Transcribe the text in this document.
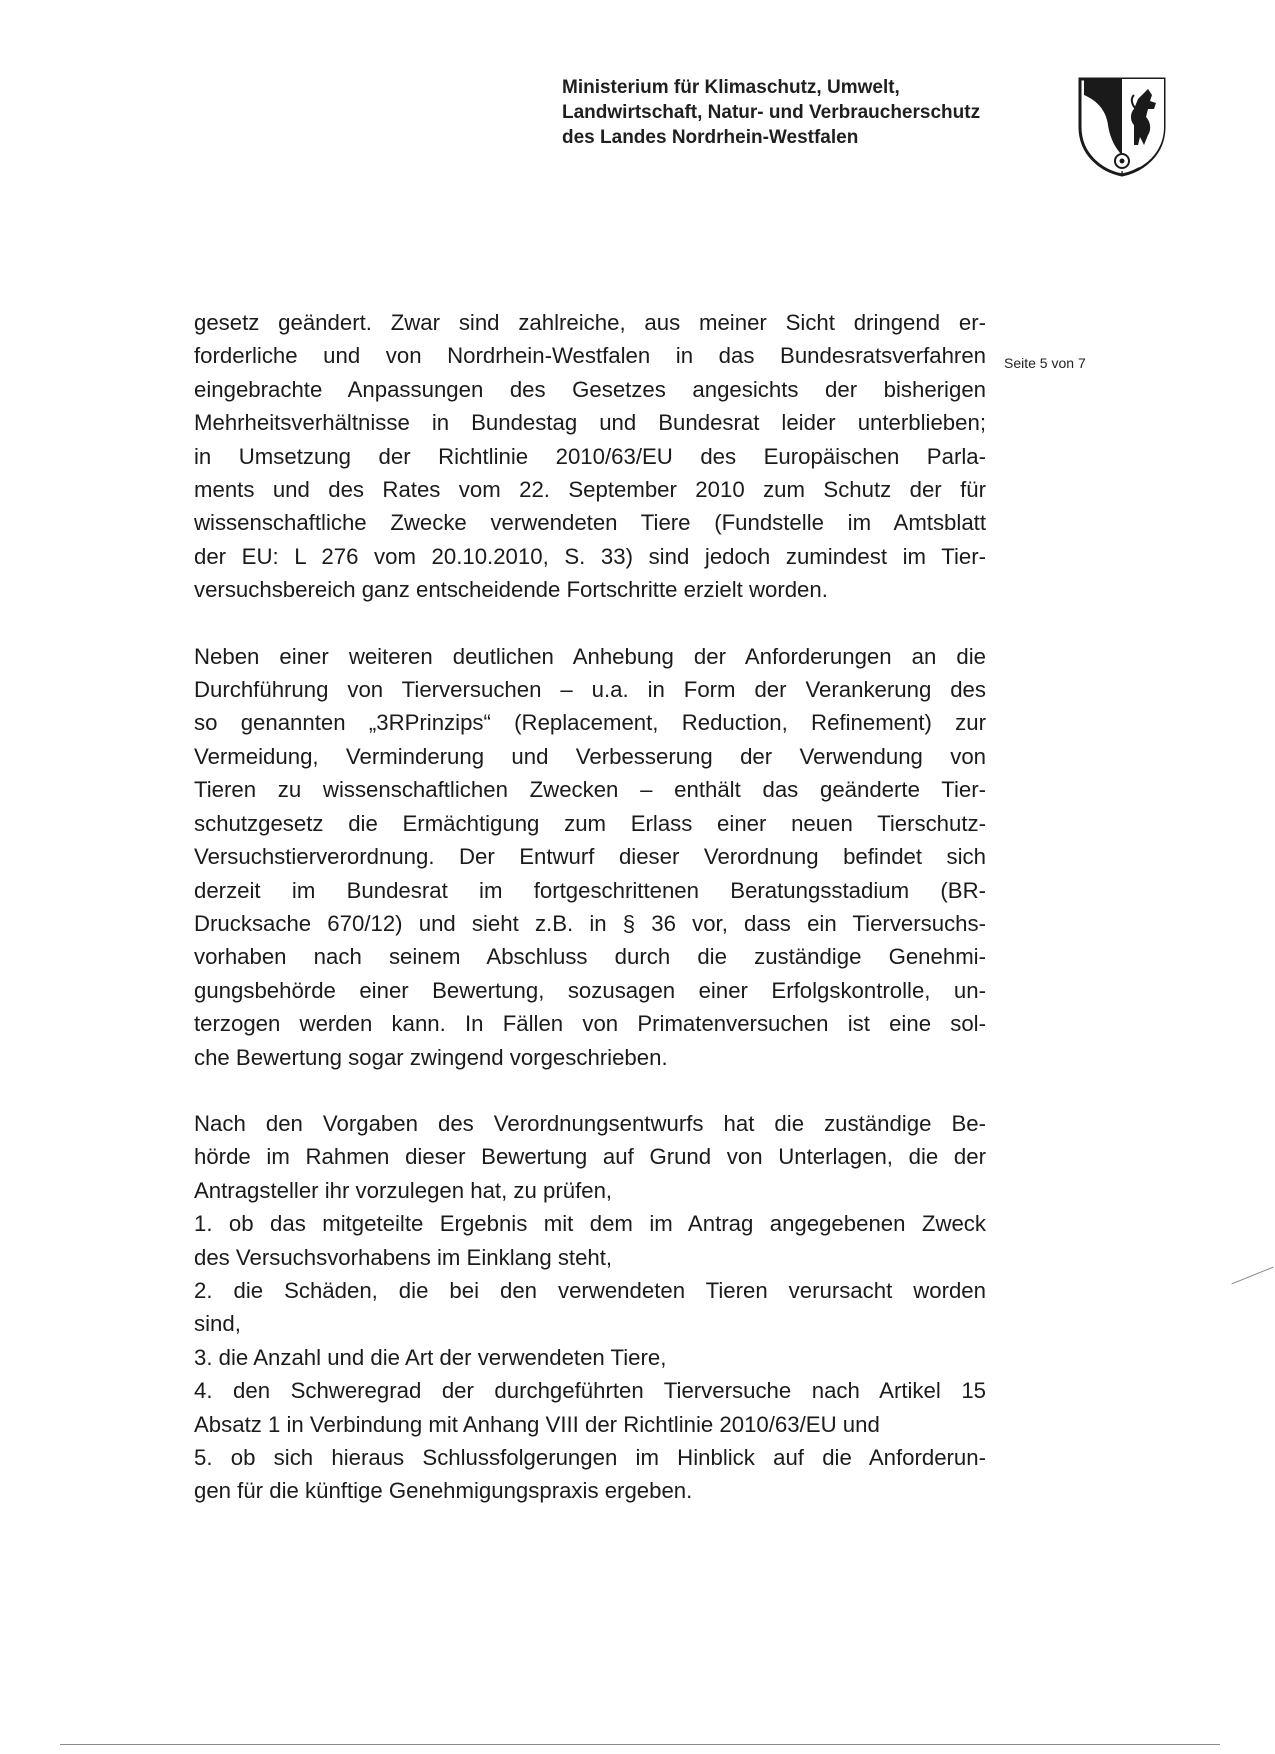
Ministerium für Klimaschutz, Umwelt,
Landwirtschaft, Natur- und Verbraucherschutz
des Landes Nordrhein-Westfalen
Seite 5 von 7

gesetz geändert. Zwar sind zahlreiche, aus meiner Sicht dringend er-
forderliche und von Nordrhein-Westfalen in das Bundesratsverfahren
eingebrachte Anpassungen des Gesetzes angesichts der bisherigen
Mehrheitsverhältnisse in Bundestag und Bundesrat leider unterblieben;
in Umsetzung der Richtlinie 2010/63/EU des Europäischen Parla-
ments und des Rates vom 22. September 2010 zum Schutz der für
wissenschaftliche Zwecke verwendeten Tiere (Fundstelle im Amtsblatt
der EU: L 276 vom 20.10.2010, S. 33) sind jedoch zumindest im Tier-
versuchsbereich ganz entscheidende Fortschritte erzielt worden.

Neben einer weiteren deutlichen Anhebung der Anforderungen an die
Durchführung von Tierversuchen – u.a. in Form der Verankerung des
so genannten „3RPrinzips“ (Replacement, Reduction, Refinement) zur
Vermeidung, Verminderung und Verbesserung der Verwendung von
Tieren zu wissenschaftlichen Zwecken – enthält das geänderte Tier-
schutzgesetz die Ermächtigung zum Erlass einer neuen Tierschutz-
Versuchstierverordnung. Der Entwurf dieser Verordnung befindet sich
derzeit im Bundesrat im fortgeschrittenen Beratungsstadium (BR-
Drucksache 670/12) und sieht z.B. in § 36 vor, dass ein Tierversuchs-
vorhaben nach seinem Abschluss durch die zuständige Genehmi-
gungsbehörde einer Bewertung, sozusagen einer Erfolgskontrolle, un-
terzogen werden kann. In Fällen von Primatenversuchen ist eine sol-
che Bewertung sogar zwingend vorgeschrieben.

Nach den Vorgaben des Verordnungsentwurfs hat die zuständige Be-
hörde im Rahmen dieser Bewertung auf Grund von Unterlagen, die der
Antragsteller ihr vorzulegen hat, zu prüfen,
1. ob das mitgeteilte Ergebnis mit dem im Antrag angegebenen Zweck
des Versuchsvorhabens im Einklang steht,
2. die Schäden, die bei den verwendeten Tieren verursacht worden
sind,
3. die Anzahl und die Art der verwendeten Tiere,
4. den Schweregrad der durchgeführten Tierversuche nach Artikel 15
Absatz 1 in Verbindung mit Anhang VIII der Richtlinie 2010/63/EU und
5. ob sich hieraus Schlussfolgerungen im Hinblick auf die Anforderun-
gen für die künftige Genehmigungspraxis ergeben.
